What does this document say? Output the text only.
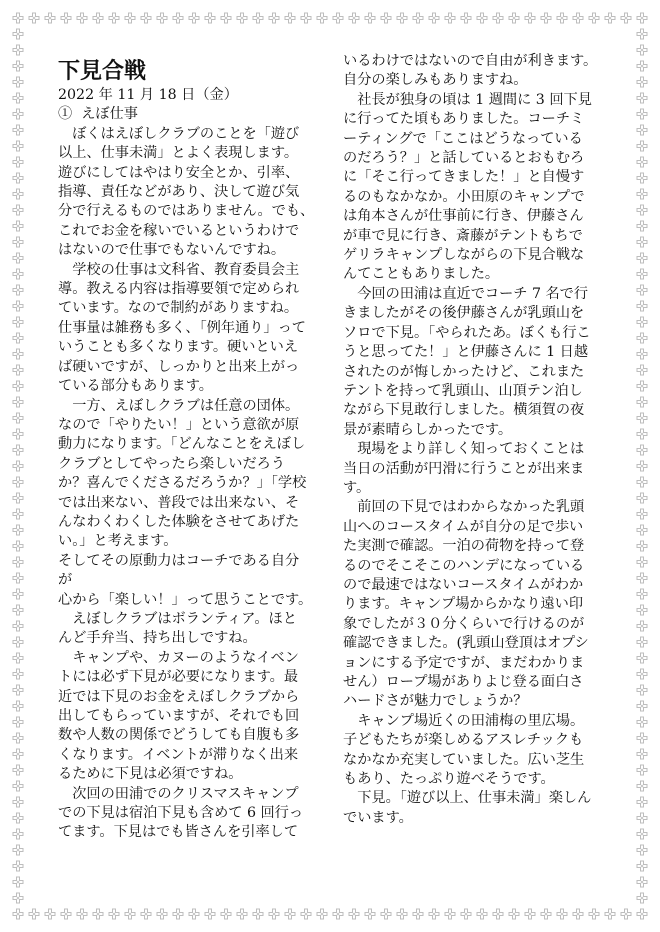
下見合戦

2022 年 11 月 18 日（金）

①  えぼ仕事

　ぼくはえぼしクラブのことを「遊び

以上、仕事未満」とよく表現します。

遊びにしてはやはり安全とか、引率、

指導、責任などがあり、決して遊び気

分で行えるものではありません。でも、

これでお金を稼いでいるというわけで

はないので仕事でもないんですね。

　学校の仕事は文科省、教育委員会主

導。教える内容は指導要領で定められ

ています。なので制約がありますね。

仕事量は雑務も多く、「例年通り」って

いうことも多くなります。硬いといえ

ば硬いですが、しっかりと出来上がっ

ている部分もあります。

　一方、えぼしクラブは任意の団体。

なので「やりたい！」という意欲が原

動力になります。「どんなことをえぼし

クラブとしてやったら楽しいだろう

か？喜んでくださるだろうか？」「学校

では出来ない、普段では出来ない、そ

んなわくわくした体験をさせてあげた

い。」と考えます。

そしてその原動力はコーチである自分

が

心から「楽しい！」って思うことです。

　えぼしクラブはボランティア。ほと

んど手弁当、持ち出しですね。

　キャンプや、カヌーのようなイベン

トには必ず下見が必要になります。最

近では下見のお金をえぼしクラブから

出してもらっていますが、それでも回

数や人数の関係でどうしても自腹も多

くなります。イベントが滞りなく出来

るために下見は必須ですね。

　次回の田浦でのクリスマスキャンプ

での下見は宿泊下見も含めて 6 回行っ

てます。下見はでも皆さんを引率して

いるわけではないので自由が利きます。

自分の楽しみもありますね。

　社長が独身の頃は 1 週間に 3 回下見

に行ってた頃もありました。コーチミ

ーティングで「ここはどうなっている

のだろう？」と話しているとおもむろ

に「そこ行ってきました！」と自慢す

るのもなかなか。小田原のキャンプで

は角本さんが仕事前に行き、伊藤さん

が車で見に行き、斎藤がテントもちで

ゲリラキャンプしながらの下見合戦な

んてこともありました。

　今回の田浦は直近でコーチ 7 名で行

きましたがその後伊藤さんが乳頭山を

ソロで下見。「やられたあ。ぼくも行こ

うと思ってた！」と伊藤さんに 1 日越

されたのが悔しかったけど、これまた

テントを持って乳頭山、山頂テン泊し

ながら下見敢行しました。横須賀の夜

景が素晴らしかったです。

　現場をより詳しく知っておくことは

当日の活動が円滑に行うことが出来ま

す。

　前回の下見ではわからなかった乳頭

山へのコースタイムが自分の足で歩い

た実測で確認。一泊の荷物を持って登

るのでそこそこのハンデになっている

ので最速ではないコースタイムがわか

ります。キャンプ場からかなり遠い印

象でしたが３０分くらいで行けるのが

確認できました。(乳頭山登頂はオプシ

ョンにする予定ですが、まだわかりま

せん）ロープ場がありよじ登る面白さ

ハードさが魅力でしょうか？

　キャンプ場近くの田浦梅の里広場。

子どもたちが楽しめるアスレチックも

なかなか充実していました。広い芝生

もあり、たっぷり遊べそうです。

　下見。「遊び以上、仕事未満」楽しん

でいます。
